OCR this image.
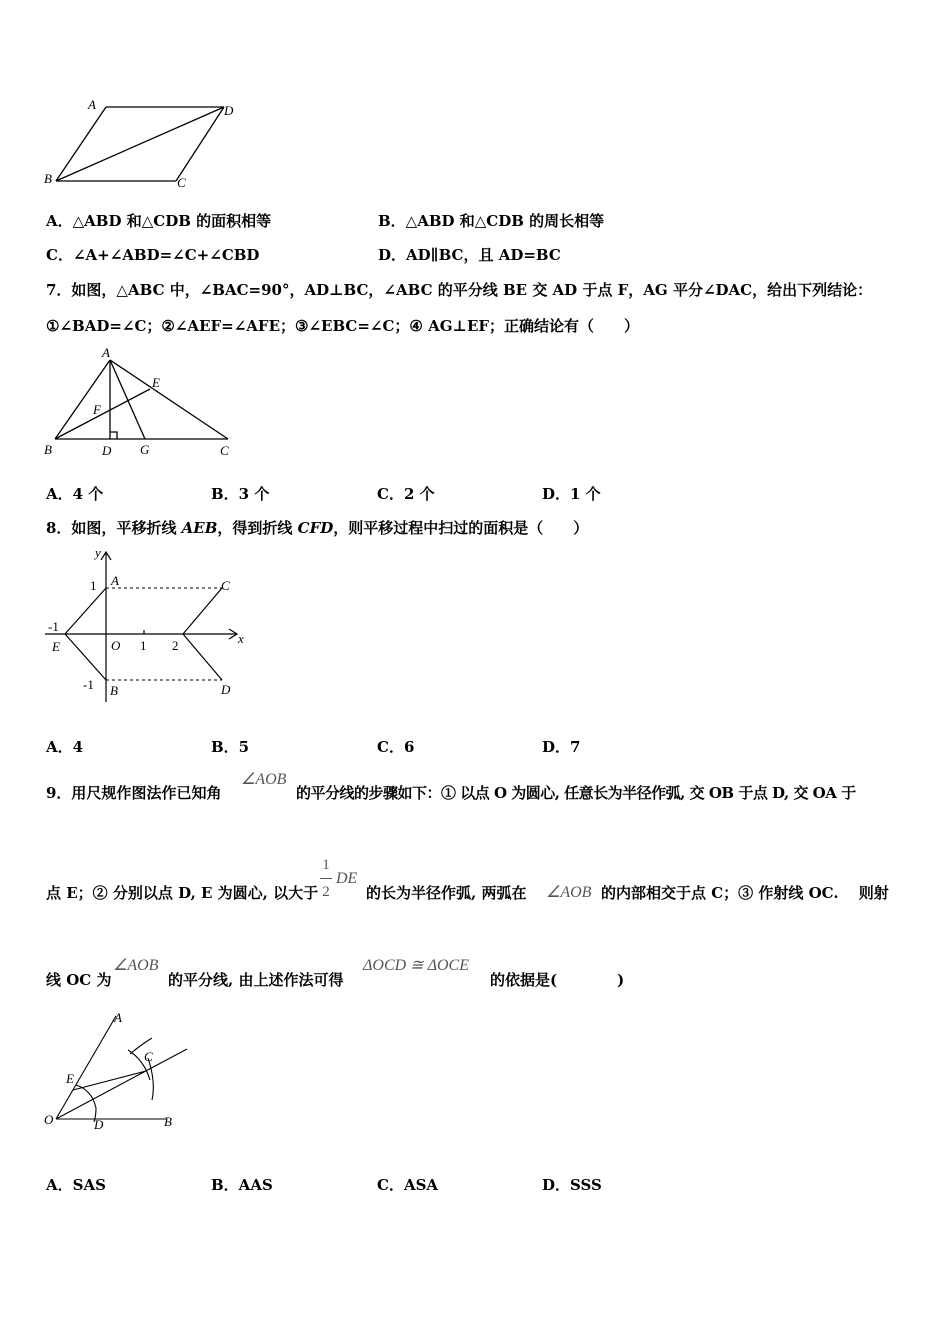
A	D
B	C
A．△ABD 和△CDB 的面积相等	B．△ABD 和△CDB 的周长相等
C．∠A+∠ABD=∠C+∠CBD	D．AD∥BC，且 AD=BC
7．如图，△ABC 中，∠BAC=90°，AD⊥BC，∠ABC 的平分线 BE 交 AD 于点 F，AG 平分∠DAC，给出下列结论：
①∠BAD=∠C；②∠AEF=∠AFE；③∠EBC=∠C；④ AG⊥EF；正确结论有（　　）
A
E
F
B	D G	C
A．4 个	B．3 个	C．2 个	D．1 个
8．如图，平移折线 AEB，得到折线 CFD，则平移过程中扫过的面积是（　　）
y
x
1 A	C
-1
E	O 1 2
-1 B	D
A．4	B．5	C．6	D．7
9．用尺规作图法作已知角
∠AOB
的平分线的步骤如下：① 以点 O 为圆心, 任意长为半径作弧, 交 OB 于点 D, 交 OA 于
点 E；② 分别以点 D, E 为圆心, 以大于
1
2
DE
的长为半径作弧, 两弧在 ∠AOB 的内部相交于点 C；③ 作射线 OC.　 则射
线 OC 为
∠AOB
的平分线, 由上述作法可得
ΔOCD ≅ ΔOCE
的依据是(　　　　)
A
C
E
O	D	B
A．SAS	B．AAS	C．ASA	D．SSS
